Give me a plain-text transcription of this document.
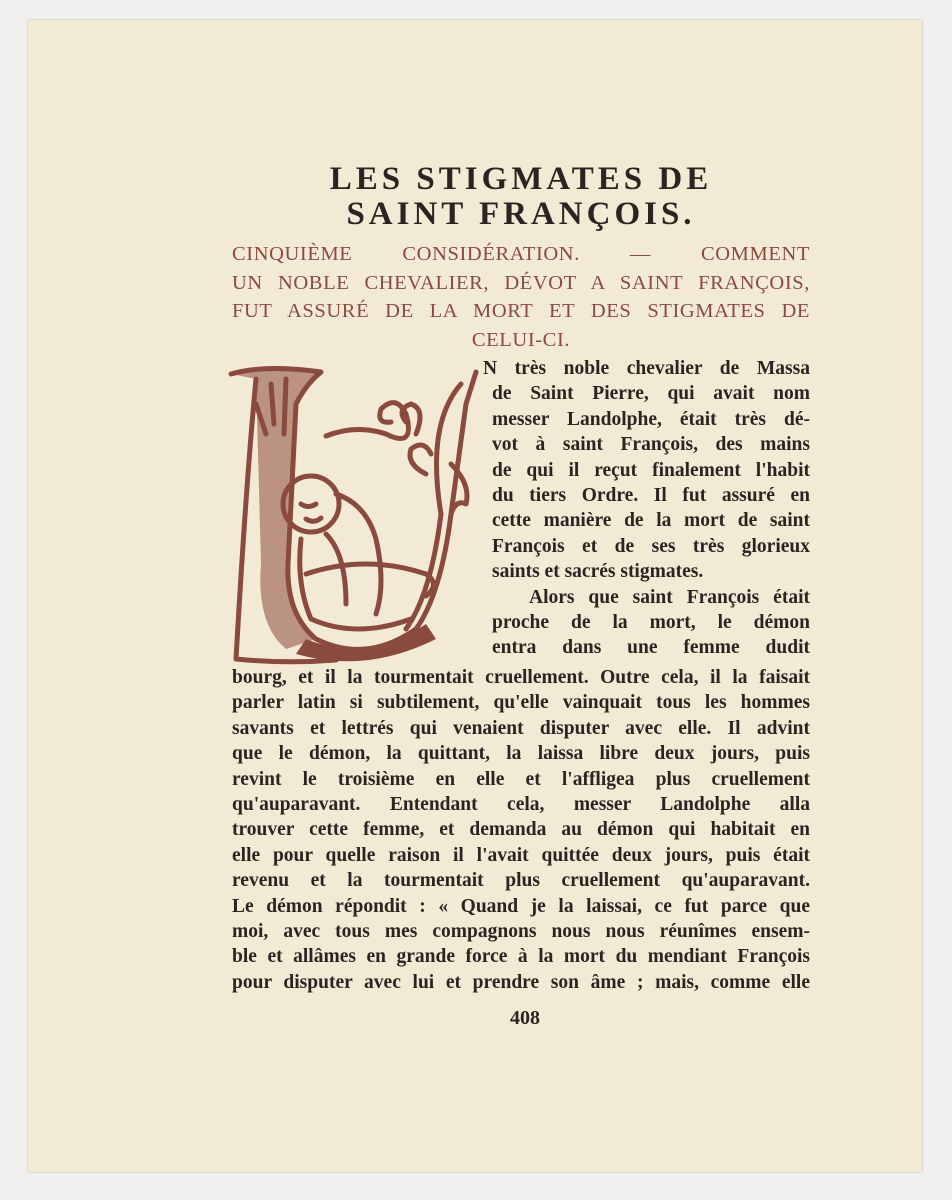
LES STIGMATES DE
SAINT FRANÇOIS.
CINQUIÈME CONSIDÉRATION. — COMMENT
UN NOBLE CHEVALIER, DÉVOT A SAINT FRANÇOIS,
FUT ASSURÉ DE LA MORT ET DES STIGMATES DE
CELUI-CI.
N très noble chevalier de Massa
de Saint Pierre, qui avait nom
messer Landolphe, était très dé-
vot à saint François, des mains
de qui il reçut finalement l'habit
du tiers Ordre. Il fut assuré en
cette manière de la mort de saint
François et de ses très glorieux
saints et sacrés stigmates.
Alors que saint François était
proche de la mort, le démon
entra dans une femme dudit
bourg, et il la tourmentait cruellement. Outre cela, il la faisait
parler latin si subtilement, qu'elle vainquait tous les hommes
savants et lettrés qui venaient disputer avec elle. Il advint
que le démon, la quittant, la laissa libre deux jours, puis
revint le troisième en elle et l'affligea plus cruellement
qu'auparavant. Entendant cela, messer Landolphe alla
trouver cette femme, et demanda au démon qui habitait en
elle pour quelle raison il l'avait quittée deux jours, puis était
revenu et la tourmentait plus cruellement qu'auparavant.
Le démon répondit : « Quand je la laissai, ce fut parce que
moi, avec tous mes compagnons nous nous réunîmes ensem-
ble et allâmes en grande force à la mort du mendiant François
pour disputer avec lui et prendre son âme ; mais, comme elle
408
